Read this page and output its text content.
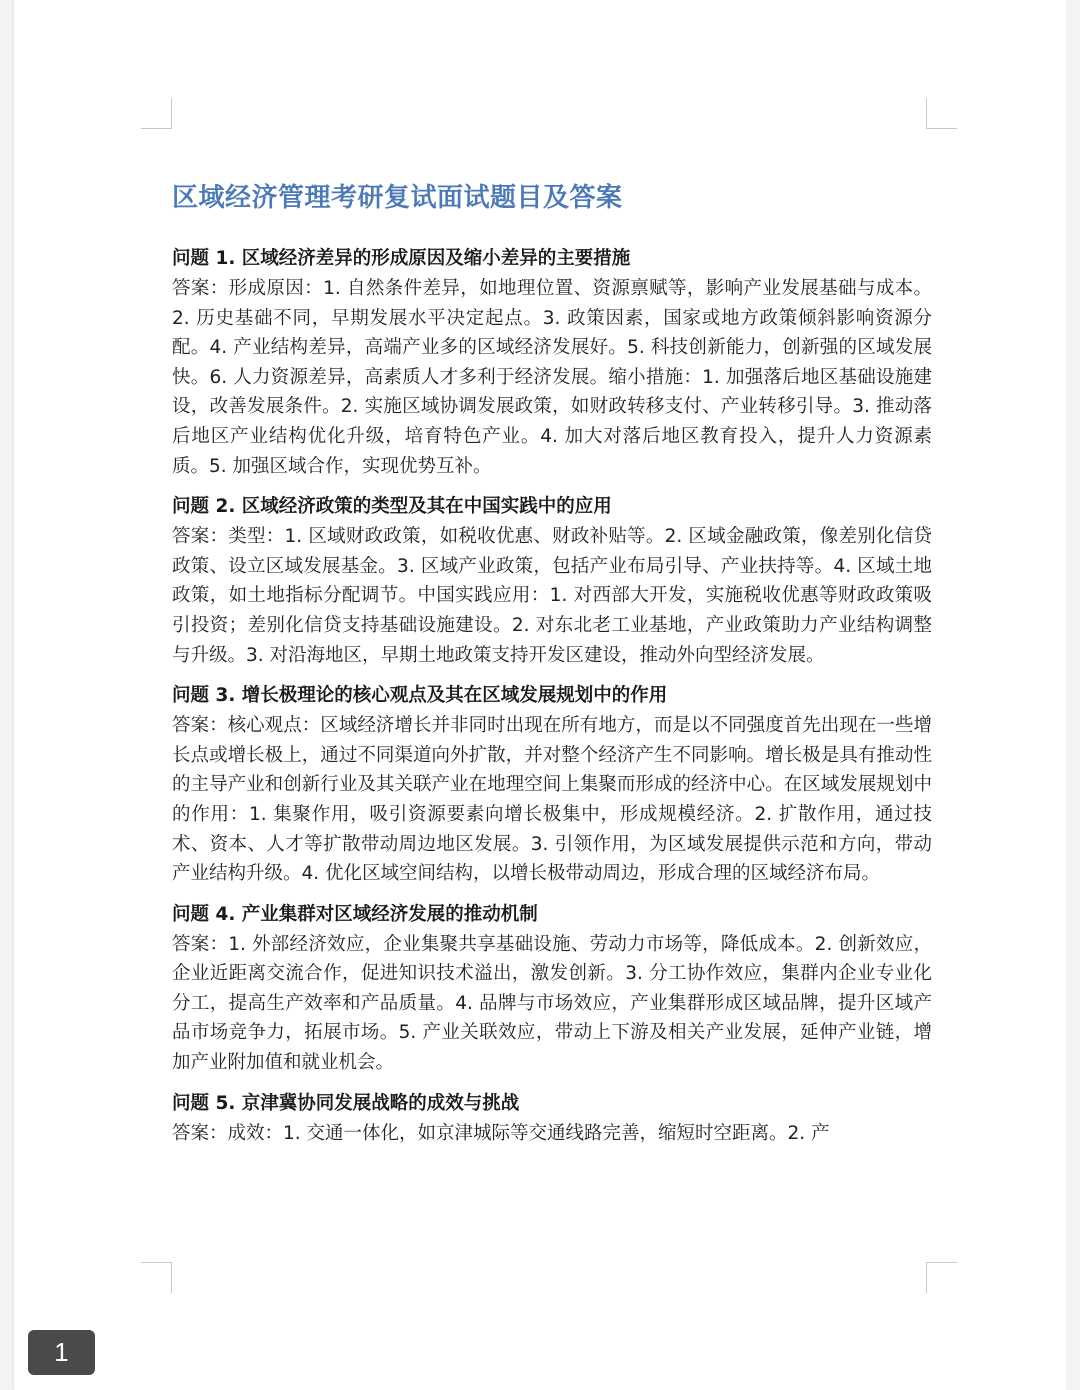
区域经济管理考研复试面试题目及答案
问题 1. 区域经济差异的形成原因及缩小差异的主要措施
答案：形成原因：1. 自然条件差异，如地理位置、资源禀赋等，影响产业发展基础与成本。2. 历史基础不同，早期发展水平决定起点。3. 政策因素，国家或地方政策倾斜影响资源分配。4. 产业结构差异，高端产业多的区域经济发展好。5. 科技创新能力，创新强的区域发展快。6. 人力资源差异，高素质人才多利于经济发展。缩小措施：1. 加强落后地区基础设施建设，改善发展条件。2. 实施区域协调发展政策，如财政转移支付、产业转移引导。3. 推动落后地区产业结构优化升级，培育特色产业。4. 加大对落后地区教育投入，提升人力资源素质。5. 加强区域合作，实现优势互补。
问题 2. 区域经济政策的类型及其在中国实践中的应用
答案：类型：1. 区域财政政策，如税收优惠、财政补贴等。2. 区域金融政策，像差别化信贷政策、设立区域发展基金。3. 区域产业政策，包括产业布局引导、产业扶持等。4. 区域土地政策，如土地指标分配调节。中国实践应用：1. 对西部大开发，实施税收优惠等财政政策吸引投资；差别化信贷支持基础设施建设。2. 对东北老工业基地，产业政策助力产业结构调整与升级。3. 对沿海地区，早期土地政策支持开发区建设，推动外向型经济发展。
问题 3. 增长极理论的核心观点及其在区域发展规划中的作用
答案：核心观点：区域经济增长并非同时出现在所有地方，而是以不同强度首先出现在一些增长点或增长极上，通过不同渠道向外扩散，并对整个经济产生不同影响。增长极是具有推动性的主导产业和创新行业及其关联产业在地理空间上集聚而形成的经济中心。在区域发展规划中的作用：1. 集聚作用，吸引资源要素向增长极集中，形成规模经济。2. 扩散作用，通过技术、资本、人才等扩散带动周边地区发展。3. 引领作用，为区域发展提供示范和方向，带动产业结构升级。4. 优化区域空间结构，以增长极带动周边，形成合理的区域经济布局。
问题 4. 产业集群对区域经济发展的推动机制
答案：1. 外部经济效应，企业集聚共享基础设施、劳动力市场等，降低成本。2. 创新效应，企业近距离交流合作，促进知识技术溢出，激发创新。3. 分工协作效应，集群内企业专业化分工，提高生产效率和产品质量。4. 品牌与市场效应，产业集群形成区域品牌，提升区域产品市场竞争力，拓展市场。5. 产业关联效应，带动上下游及相关产业发展，延伸产业链，增加产业附加值和就业机会。
问题 5. 京津冀协同发展战略的成效与挑战
答案：成效：1. 交通一体化，如京津城际等交通线路完善，缩短时空距离。2. 产
1
